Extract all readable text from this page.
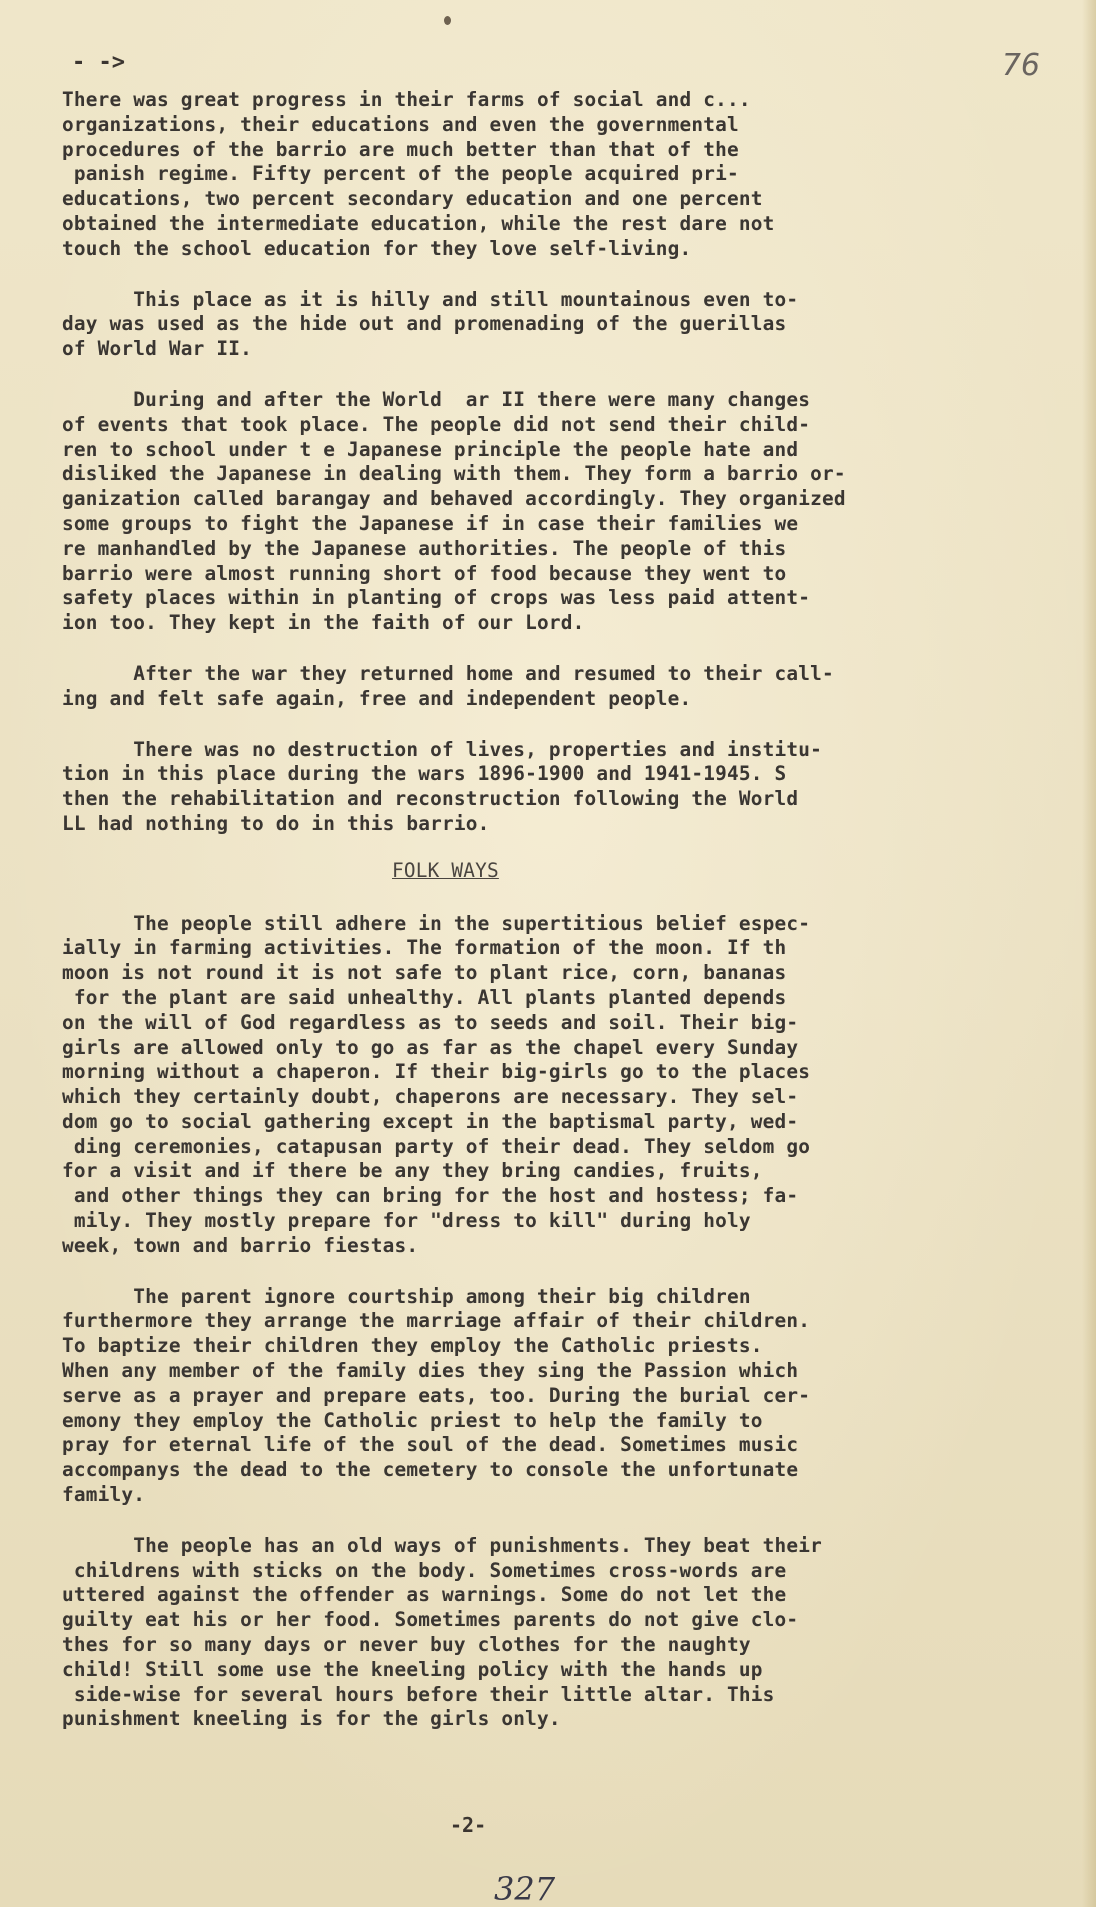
- ->	76
There was great progress in their farms of social and c...
organizations, their educations and even the governmental
procedures of the barrio are much better than that of the
panish regime. Fifty percent of the people acquired pri-
educations, two percent secondary education and one percent
obtained the intermediate education, while the rest dare not
touch the school education for they love self-living.
This place as it is hilly and still mountainous even to-
day was used as the hide out and promenading of the guerillas
of World War II.
During and after the World  ar II there were many changes
of events that took place. The people did not send their child-
ren to school under t e Japanese principle the people hate and
disliked the Japanese in dealing with them. They form a barrio or-
ganization called barangay and behaved accordingly. They organized
some groups to fight the Japanese if in case their families we
re manhandled by the Japanese authorities. The people of this
barrio were almost running short of food because they went to
safety places within in planting of crops was less paid attent-
ion too. They kept in the faith of our Lord.
After the war they returned home and resumed to their call-
ing and felt safe again, free and independent people.
There was no destruction of lives, properties and institu-
tion in this place during the wars 1896-1900 and 1941-1945. S
then the rehabilitation and reconstruction following the World
LL had nothing to do in this barrio.
FOLK WAYS
The people still adhere in the supertitious belief espec-
ially in farming activities. The formation of the moon. If th
moon is not round it is not safe to plant rice, corn, bananas
for the plant are said unhealthy. All plants planted depends
on the will of God regardless as to seeds and soil. Their big-
girls are allowed only to go as far as the chapel every Sunday
morning without a chaperon. If their big-girls go to the places
which they certainly doubt, chaperons are necessary. They sel-
dom go to social gathering except in the baptismal party, wed-
ding ceremonies, catapusan party of their dead. They seldom go
for a visit and if there be any they bring candies, fruits,
and other things they can bring for the host and hostess; fa-
mily. They mostly prepare for "dress to kill" during holy
week, town and barrio fiestas.
The parent ignore courtship among their big children
furthermore they arrange the marriage affair of their children.
To baptize their children they employ the Catholic priests.
When any member of the family dies they sing the Passion which
serve as a prayer and prepare eats, too. During the burial cer-
emony they employ the Catholic priest to help the family to
pray for eternal life of the soul of the dead. Sometimes music
accompanys the dead to the cemetery to console the unfortunate
family.
The people has an old ways of punishments. They beat their
childrens with sticks on the body. Sometimes cross-words are
uttered against the offender as warnings. Some do not let the
guilty eat his or her food. Sometimes parents do not give clo-
thes for so many days or never buy clothes for the naughty
child! Still some use the kneeling policy with the hands up
side-wise for several hours before their little altar. This
punishment kneeling is for the girls only.
-2-
327
